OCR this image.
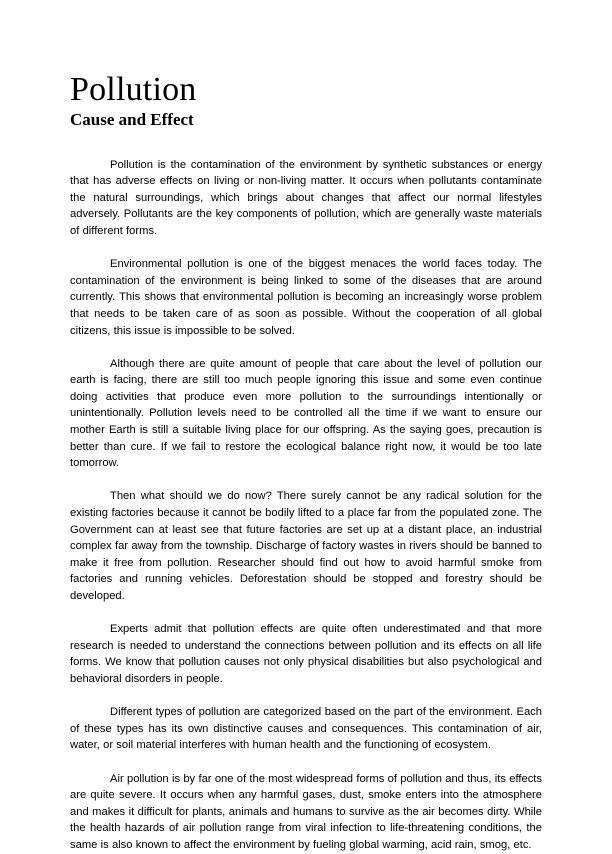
Pollution
Cause and Effect

Pollution is the contamination of the environment by synthetic substances or energy that has adverse effects on living or non-living matter. It occurs when pollutants contaminate the natural surroundings, which brings about changes that affect our normal lifestyles adversely. Pollutants are the key components of pollution, which are generally waste materials of different forms.

Environmental pollution is one of the biggest menaces the world faces today. The contamination of the environment is being linked to some of the diseases that are around currently. This shows that environmental pollution is becoming an increasingly worse problem that needs to be taken care of as soon as possible. Without the cooperation of all global citizens, this issue is impossible to be solved.

Although there are quite amount of people that care about the level of pollution our earth is facing, there are still too much people ignoring this issue and some even continue doing activities that produce even more pollution to the surroundings intentionally or unintentionally. Pollution levels need to be controlled all the time if we want to ensure our mother Earth is still a suitable living place for our offspring. As the saying goes, precaution is better than cure. If we fail to restore the ecological balance right now, it would be too late tomorrow.

Then what should we do now? There surely cannot be any radical solution for the existing factories because it cannot be bodily lifted to a place far from the populated zone. The Government can at least see that future factories are set up at a distant place, an industrial complex far away from the township. Discharge of factory wastes in rivers should be banned to make it free from pollution. Researcher should find out how to avoid harmful smoke from factories and running vehicles. Deforestation should be stopped and forestry should be developed.

Experts admit that pollution effects are quite often underestimated and that more research is needed to understand the connections between pollution and its effects on all life forms. We know that pollution causes not only physical disabilities but also psychological and behavioral disorders in people.

Different types of pollution are categorized based on the part of the environment. Each of these types has its own distinctive causes and consequences. This contamination of air, water, or soil material interferes with human health and the functioning of ecosystem.

Air pollution is by far one of the most widespread forms of pollution and thus, its effects are quite severe. It occurs when any harmful gases, dust, smoke enters into the atmosphere and makes it difficult for plants, animals and humans to survive as the air becomes dirty. While the health hazards of air pollution range from viral infection to life-threatening conditions, the same is also known to affect the environment by fueling global warming, acid rain, smog, etc.
